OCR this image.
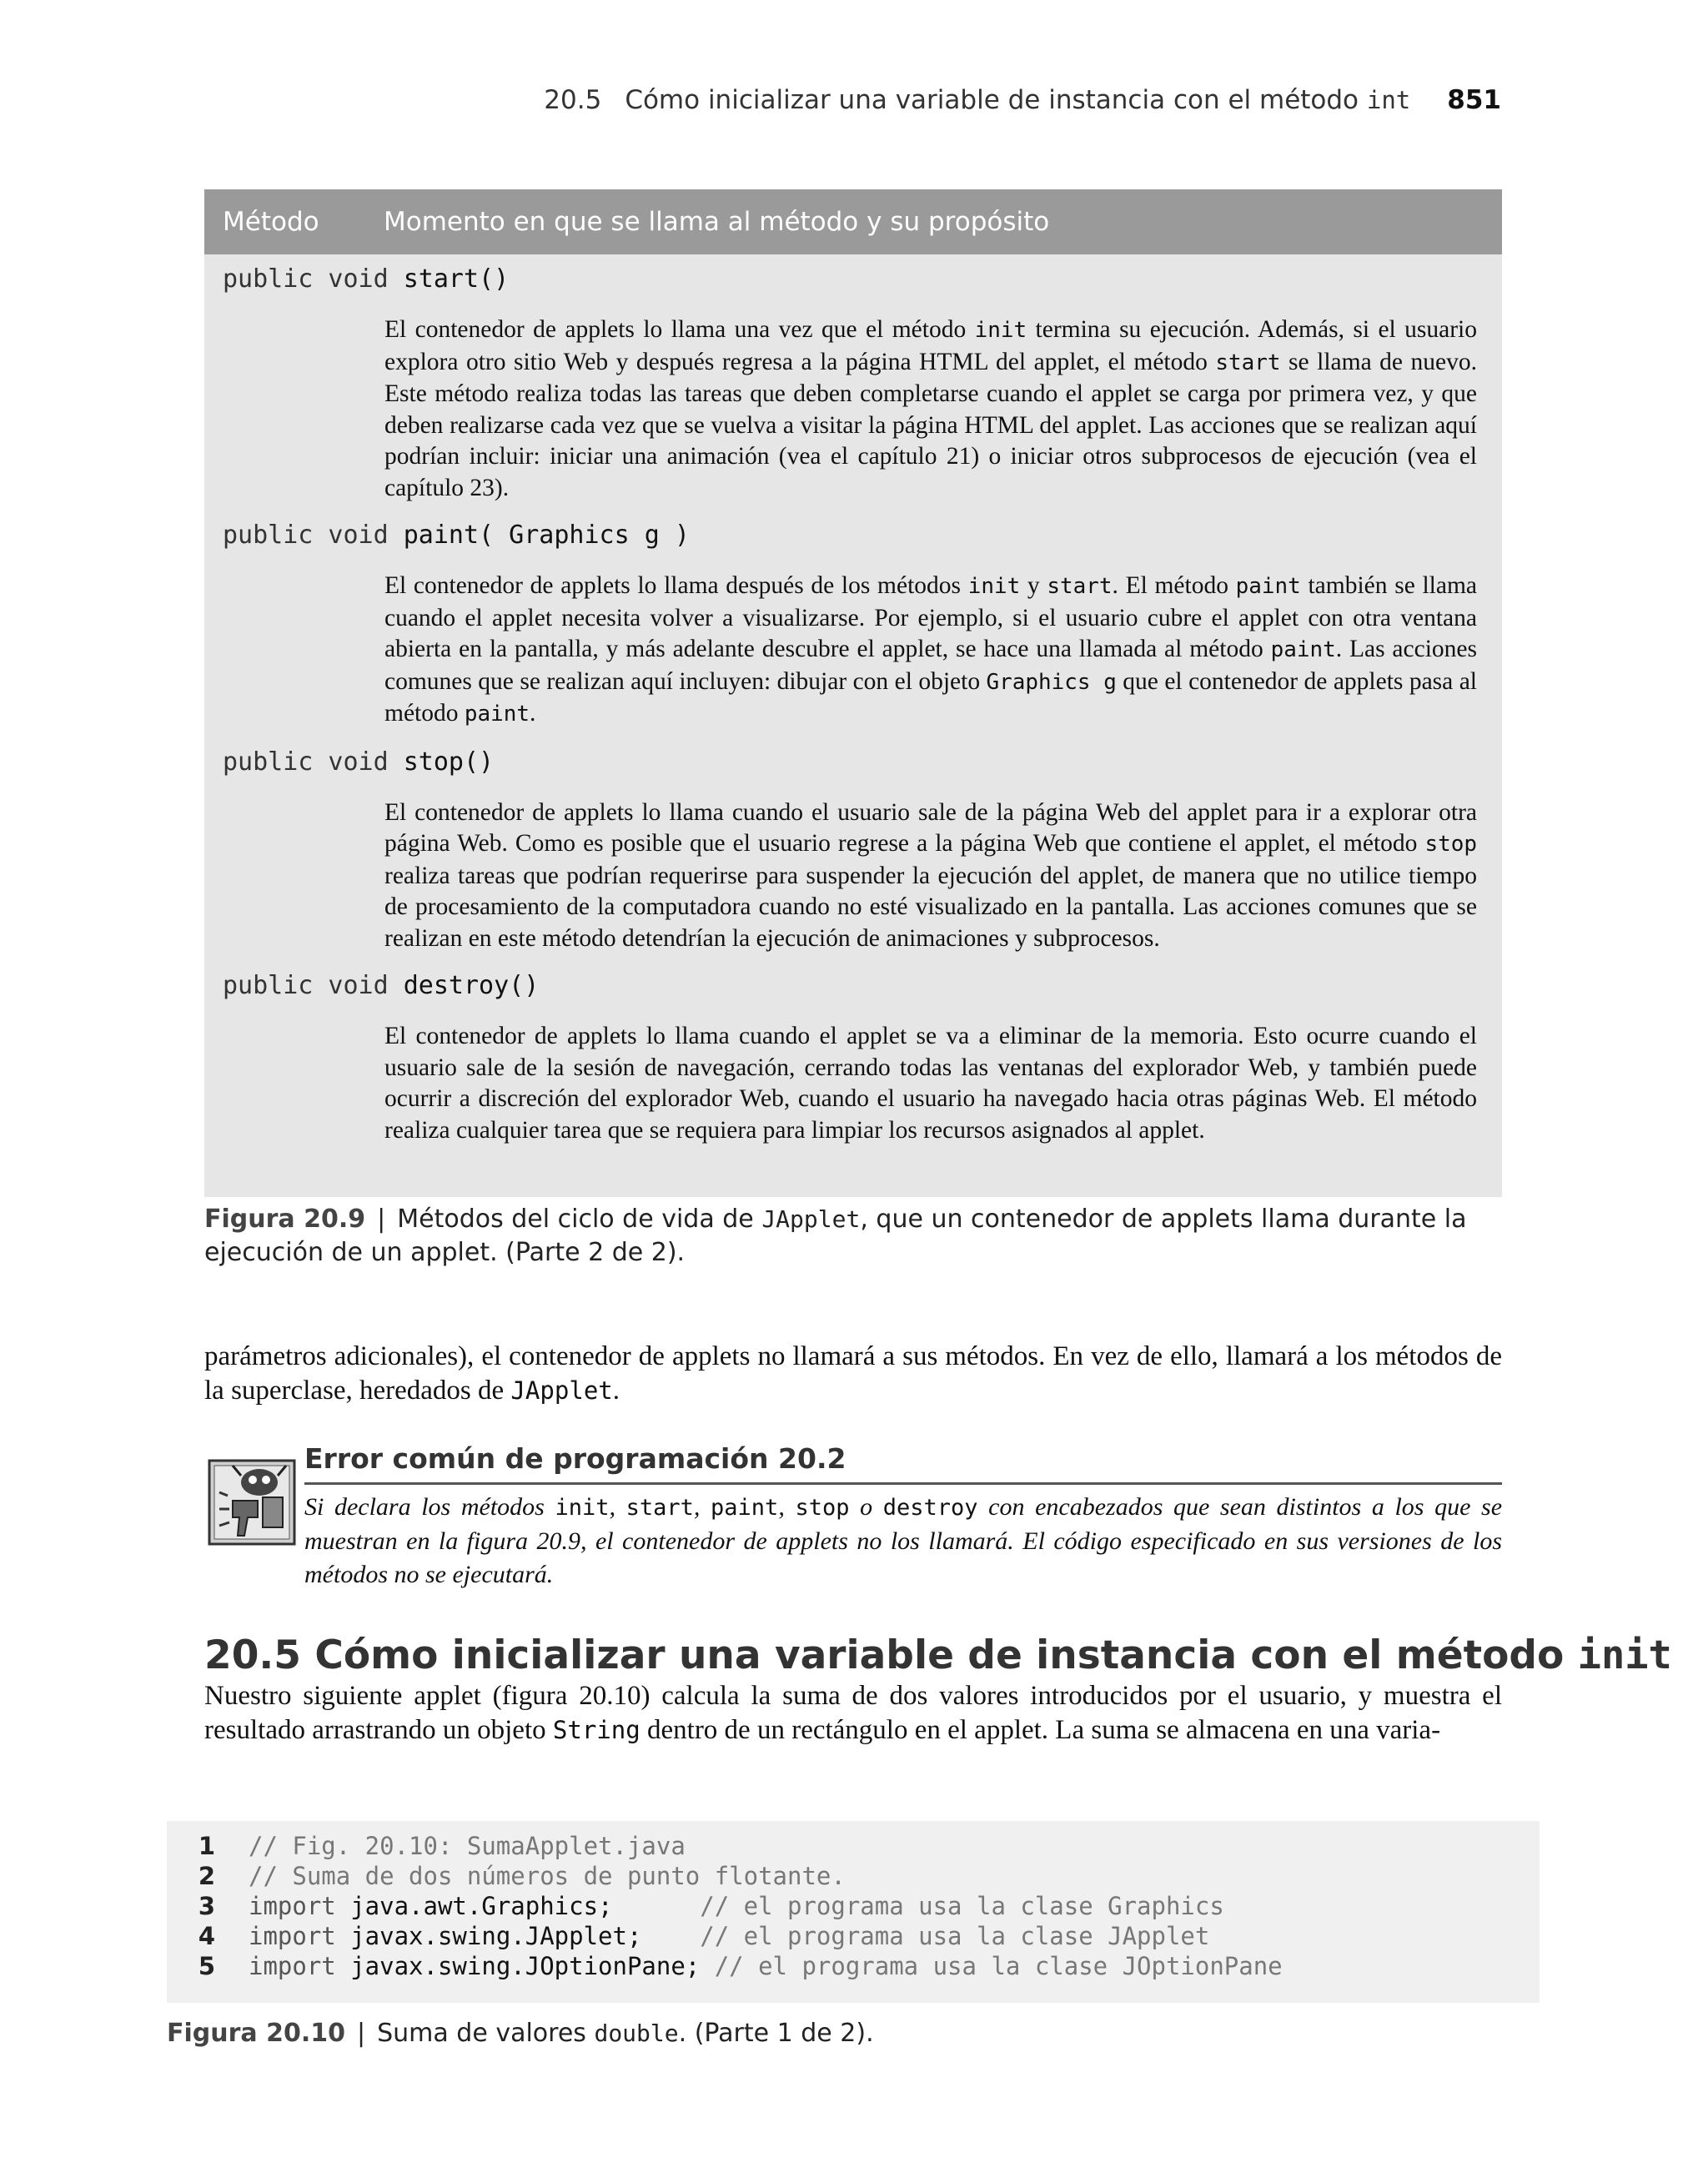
20.5 Cómo inicializar una variable de instancia con el método int 851
Método	Momento en que se llama al método y su propósito
public void start()
El contenedor de applets lo llama una vez que el método init termina su ejecución. Además, si el usuario explora otro sitio Web y después regresa a la página HTML del applet, el método start se llama de nuevo. Este método realiza todas las tareas que deben completarse cuando el applet se carga por primera vez, y que deben realizarse cada vez que se vuelva a visitar la página HTML del applet. Las acciones que se realizan aquí podrían incluir: iniciar una animación (vea el capítulo 21) o iniciar otros subprocesos de ejecución (vea el capítulo 23).
public void paint( Graphics g )
El contenedor de applets lo llama después de los métodos init y start. El método paint también se llama cuando el applet necesita volver a visualizarse. Por ejemplo, si el usuario cubre el applet con otra ventana abierta en la pantalla, y más adelante descubre el applet, se hace una llamada al método paint. Las acciones comunes que se realizan aquí incluyen: dibujar con el objeto Graphics g que el contenedor de applets pasa al método paint.
public void stop()
El contenedor de applets lo llama cuando el usuario sale de la página Web del applet para ir a explorar otra página Web. Como es posible que el usuario regrese a la página Web que contiene el applet, el método stop realiza tareas que podrían requerirse para suspender la ejecución del applet, de manera que no utilice tiempo de procesamiento de la computadora cuando no esté visualizado en la pantalla. Las acciones comunes que se realizan en este método detendrían la ejecución de animaciones y subprocesos.
public void destroy()
El contenedor de applets lo llama cuando el applet se va a eliminar de la memoria. Esto ocurre cuando el usuario sale de la sesión de navegación, cerrando todas las ventanas del explorador Web, y también puede ocurrir a discreción del explorador Web, cuando el usuario ha navegado hacia otras páginas Web. El método realiza cualquier tarea que se requiera para limpiar los recursos asignados al applet.
Figura 20.9 | Métodos del ciclo de vida de JApplet, que un contenedor de applets llama durante la ejecución de un applet. (Parte 2 de 2).
parámetros adicionales), el contenedor de applets no llamará a sus métodos. En vez de ello, llamará a los métodos de la superclase, heredados de JApplet.
Error común de programación 20.2
Si declara los métodos init, start, paint, stop o destroy con encabezados que sean distintos a los que se muestran en la figura 20.9, el contenedor de applets no los llamará. El código especificado en sus versiones de los métodos no se ejecutará.
20.5 Cómo inicializar una variable de instancia con el método init
Nuestro siguiente applet (figura 20.10) calcula la suma de dos valores introducidos por el usuario, y muestra el resultado arrastrando un objeto String dentro de un rectángulo en el applet. La suma se almacena en una varia-
1 // Fig. 20.10: SumaApplet.java
2 // Suma de dos números de punto flotante.
3 import java.awt.Graphics;      // el programa usa la clase Graphics
4 import javax.swing.JApplet;    // el programa usa la clase JApplet
5 import javax.swing.JOptionPane; // el programa usa la clase JOptionPane
Figura 20.10 | Suma de valores double. (Parte 1 de 2).
